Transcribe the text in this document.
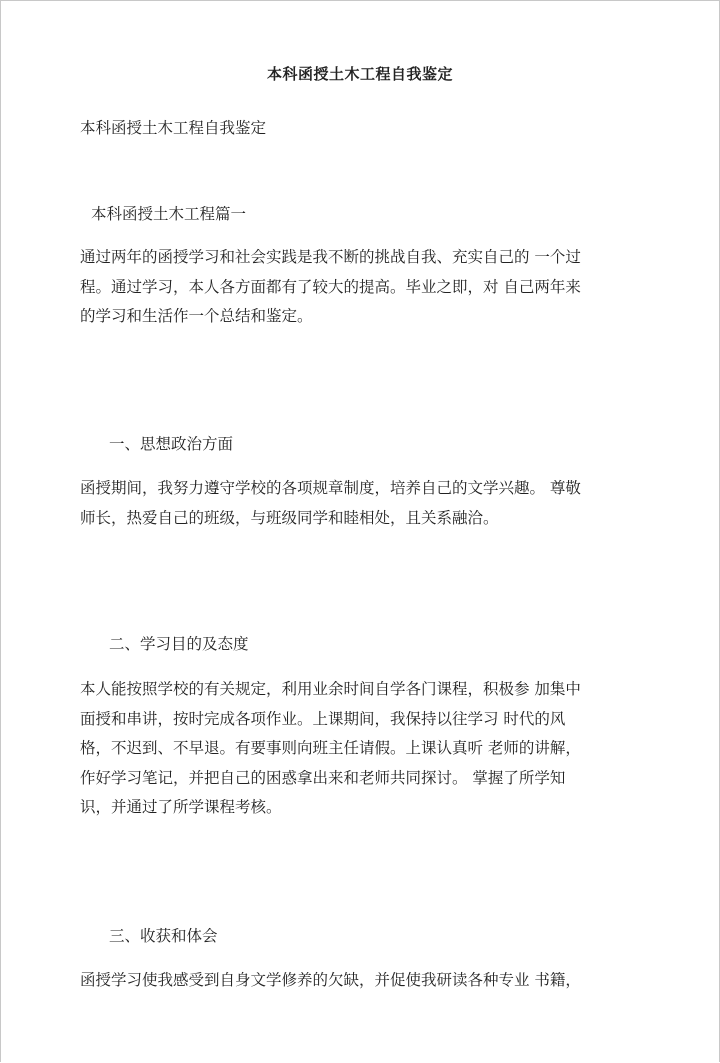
本科函授土木工程自我鉴定
本科函授土木工程自我鉴定
本科函授土木工程篇一
通过两年的函授学习和社会实践是我不断的挑战自我、充实自己的 一个过
程。通过学习，本人各方面都有了较大的提高。毕业之即，对 自己两年来
的学习和生活作一个总结和鉴定。
一、思想政治方面
函授期间，我努力遵守学校的各项规章制度，培养自己的文学兴趣。 尊敬
师长，热爱自己的班级，与班级同学和睦相处，且关系融洽。
二、学习目的及态度
本人能按照学校的有关规定，利用业余时间自学各门课程，积极参 加集中
面授和串讲，按时完成各项作业。上课期间，我保持以往学习 时代的风
格，不迟到、不早退。有要事则向班主任请假。上课认真听 老师的讲解，
作好学习笔记，并把自己的困惑拿出来和老师共同探讨。 掌握了所学知
识，并通过了所学课程考核。
三、收获和体会
函授学习使我感受到自身文学修养的欠缺，并促使我研读各种专业 书籍，
